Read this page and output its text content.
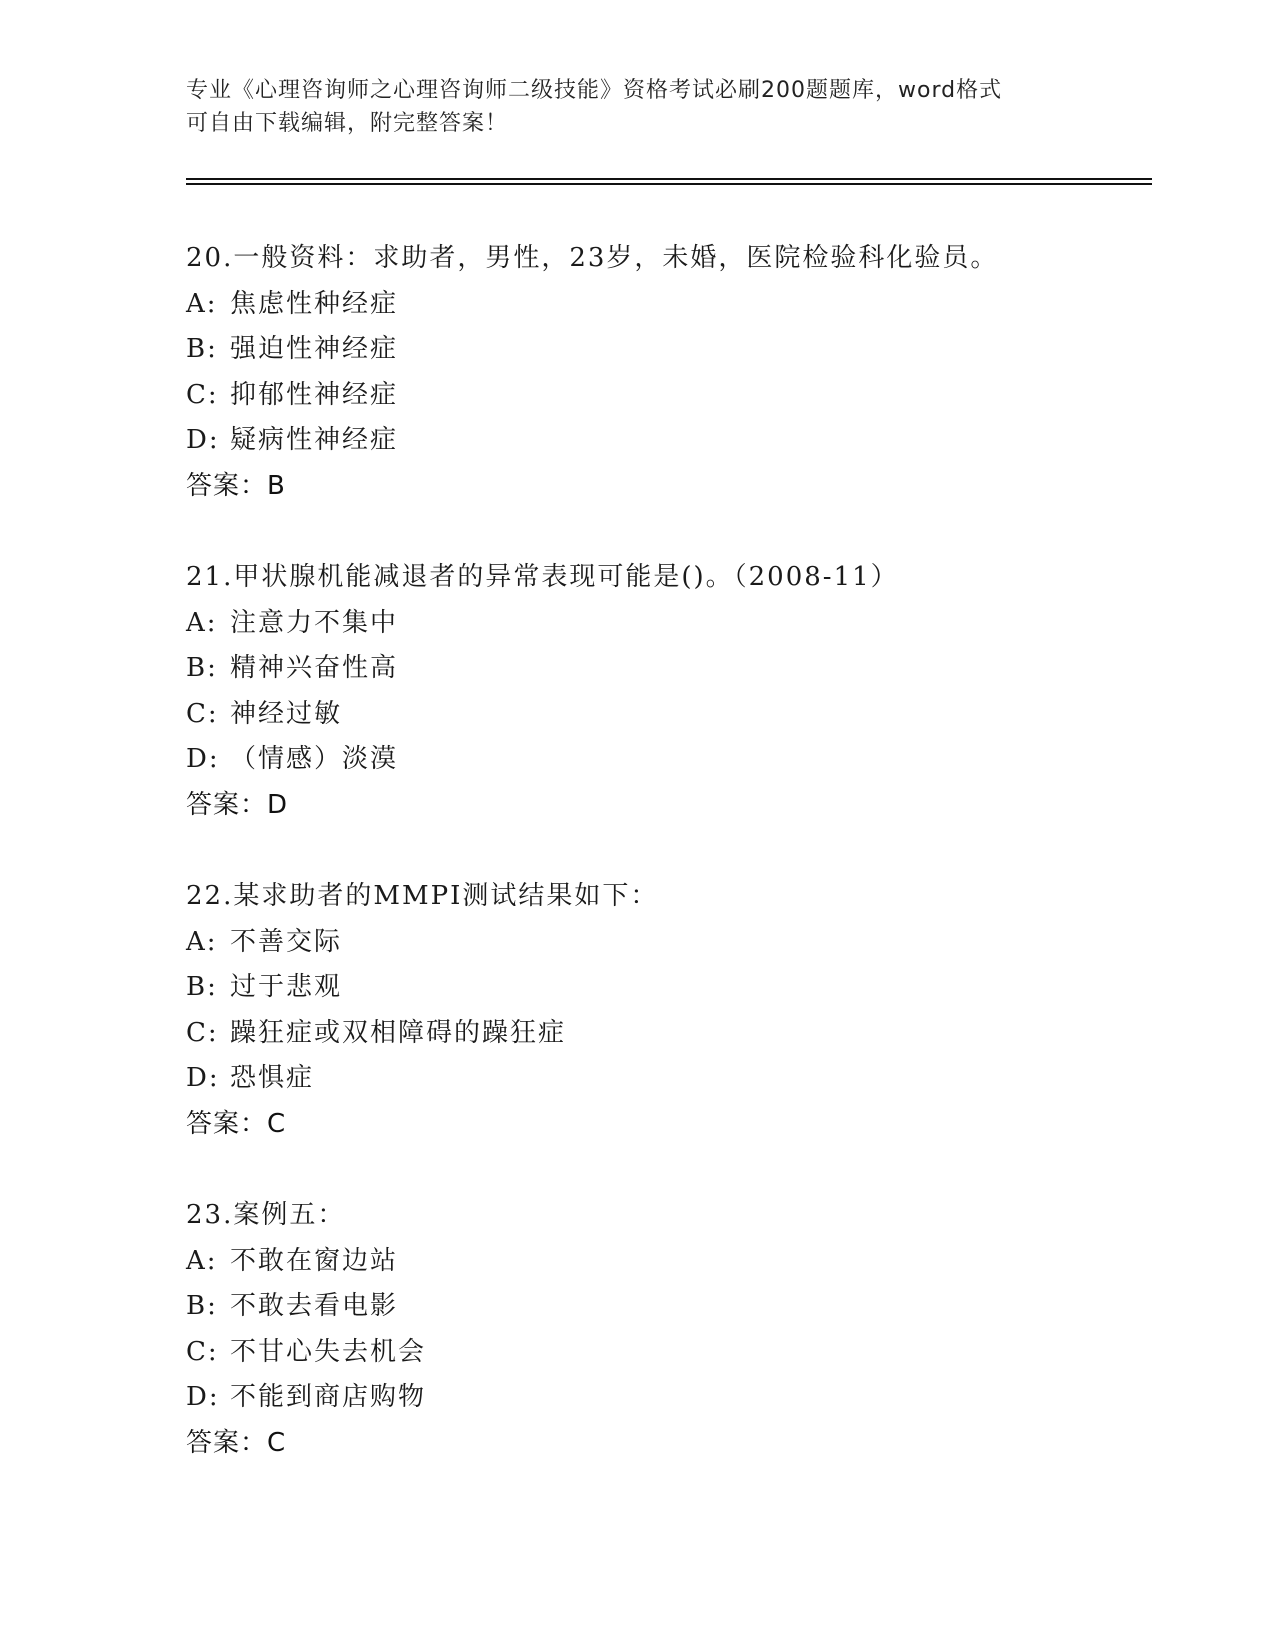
专业《心理咨询师之心理咨询师二级技能》资格考试必刷200题题库，word格式
可自由下载编辑，附完整答案！
20.一般资料：求助者，男性，23岁，未婚，医院检验科化验员。
A: 焦虑性种经症
B: 强迫性神经症
C: 抑郁性神经症
D: 疑病性神经症
答案：B
21.甲状腺机能减退者的异常表现可能是()。（2008-11）
A: 注意力不集中
B: 精神兴奋性高
C: 神经过敏
D: （情感）淡漠
答案：D
22.某求助者的MMPI测试结果如下：
A: 不善交际
B: 过于悲观
C: 躁狂症或双相障碍的躁狂症
D: 恐惧症
答案：C
23.案例五：
A: 不敢在窗边站
B: 不敢去看电影
C: 不甘心失去机会
D: 不能到商店购物
答案：C
